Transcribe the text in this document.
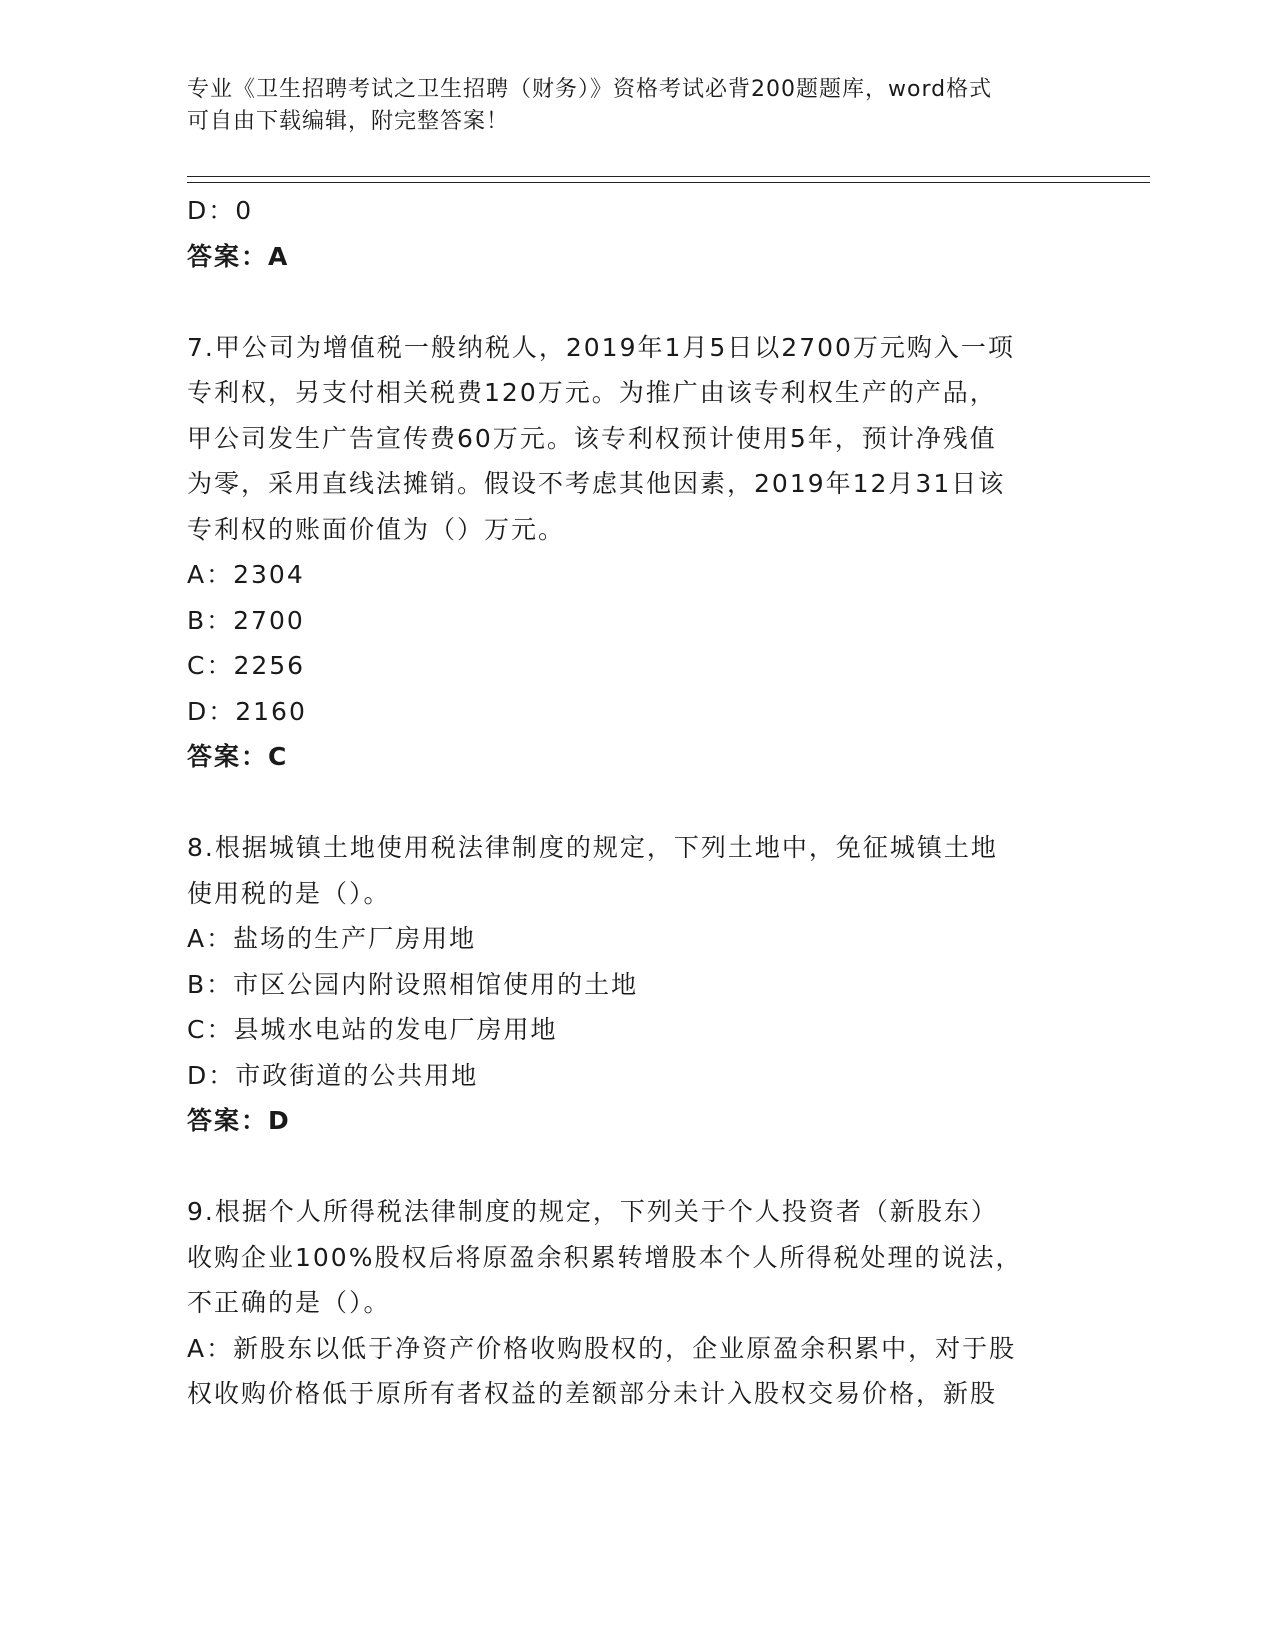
专业《卫生招聘考试之卫生招聘（财务）》资格考试必背200题题库，word格式
可自由下载编辑，附完整答案！
D：0
答案：A
7.甲公司为增值税一般纳税人，2019年1月5日以2700万元购入一项
专利权，另支付相关税费120万元。为推广由该专利权生产的产品，
甲公司发生广告宣传费60万元。该专利权预计使用5年，预计净残值
为零，采用直线法摊销。假设不考虑其他因素，2019年12月31日该
专利权的账面价值为（）万元。
A：2304
B：2700
C：2256
D：2160
答案：C
8.根据城镇土地使用税法律制度的规定，下列土地中，免征城镇土地
使用税的是（）。
A：盐场的生产厂房用地
B：市区公园内附设照相馆使用的土地
C：县城水电站的发电厂房用地
D：市政街道的公共用地
答案：D
9.根据个人所得税法律制度的规定，下列关于个人投资者（新股东）
收购企业100%股权后将原盈余积累转增股本个人所得税处理的说法，
不正确的是（）。
A：新股东以低于净资产价格收购股权的，企业原盈余积累中，对于股
权收购价格低于原所有者权益的差额部分未计入股权交易价格，新股
